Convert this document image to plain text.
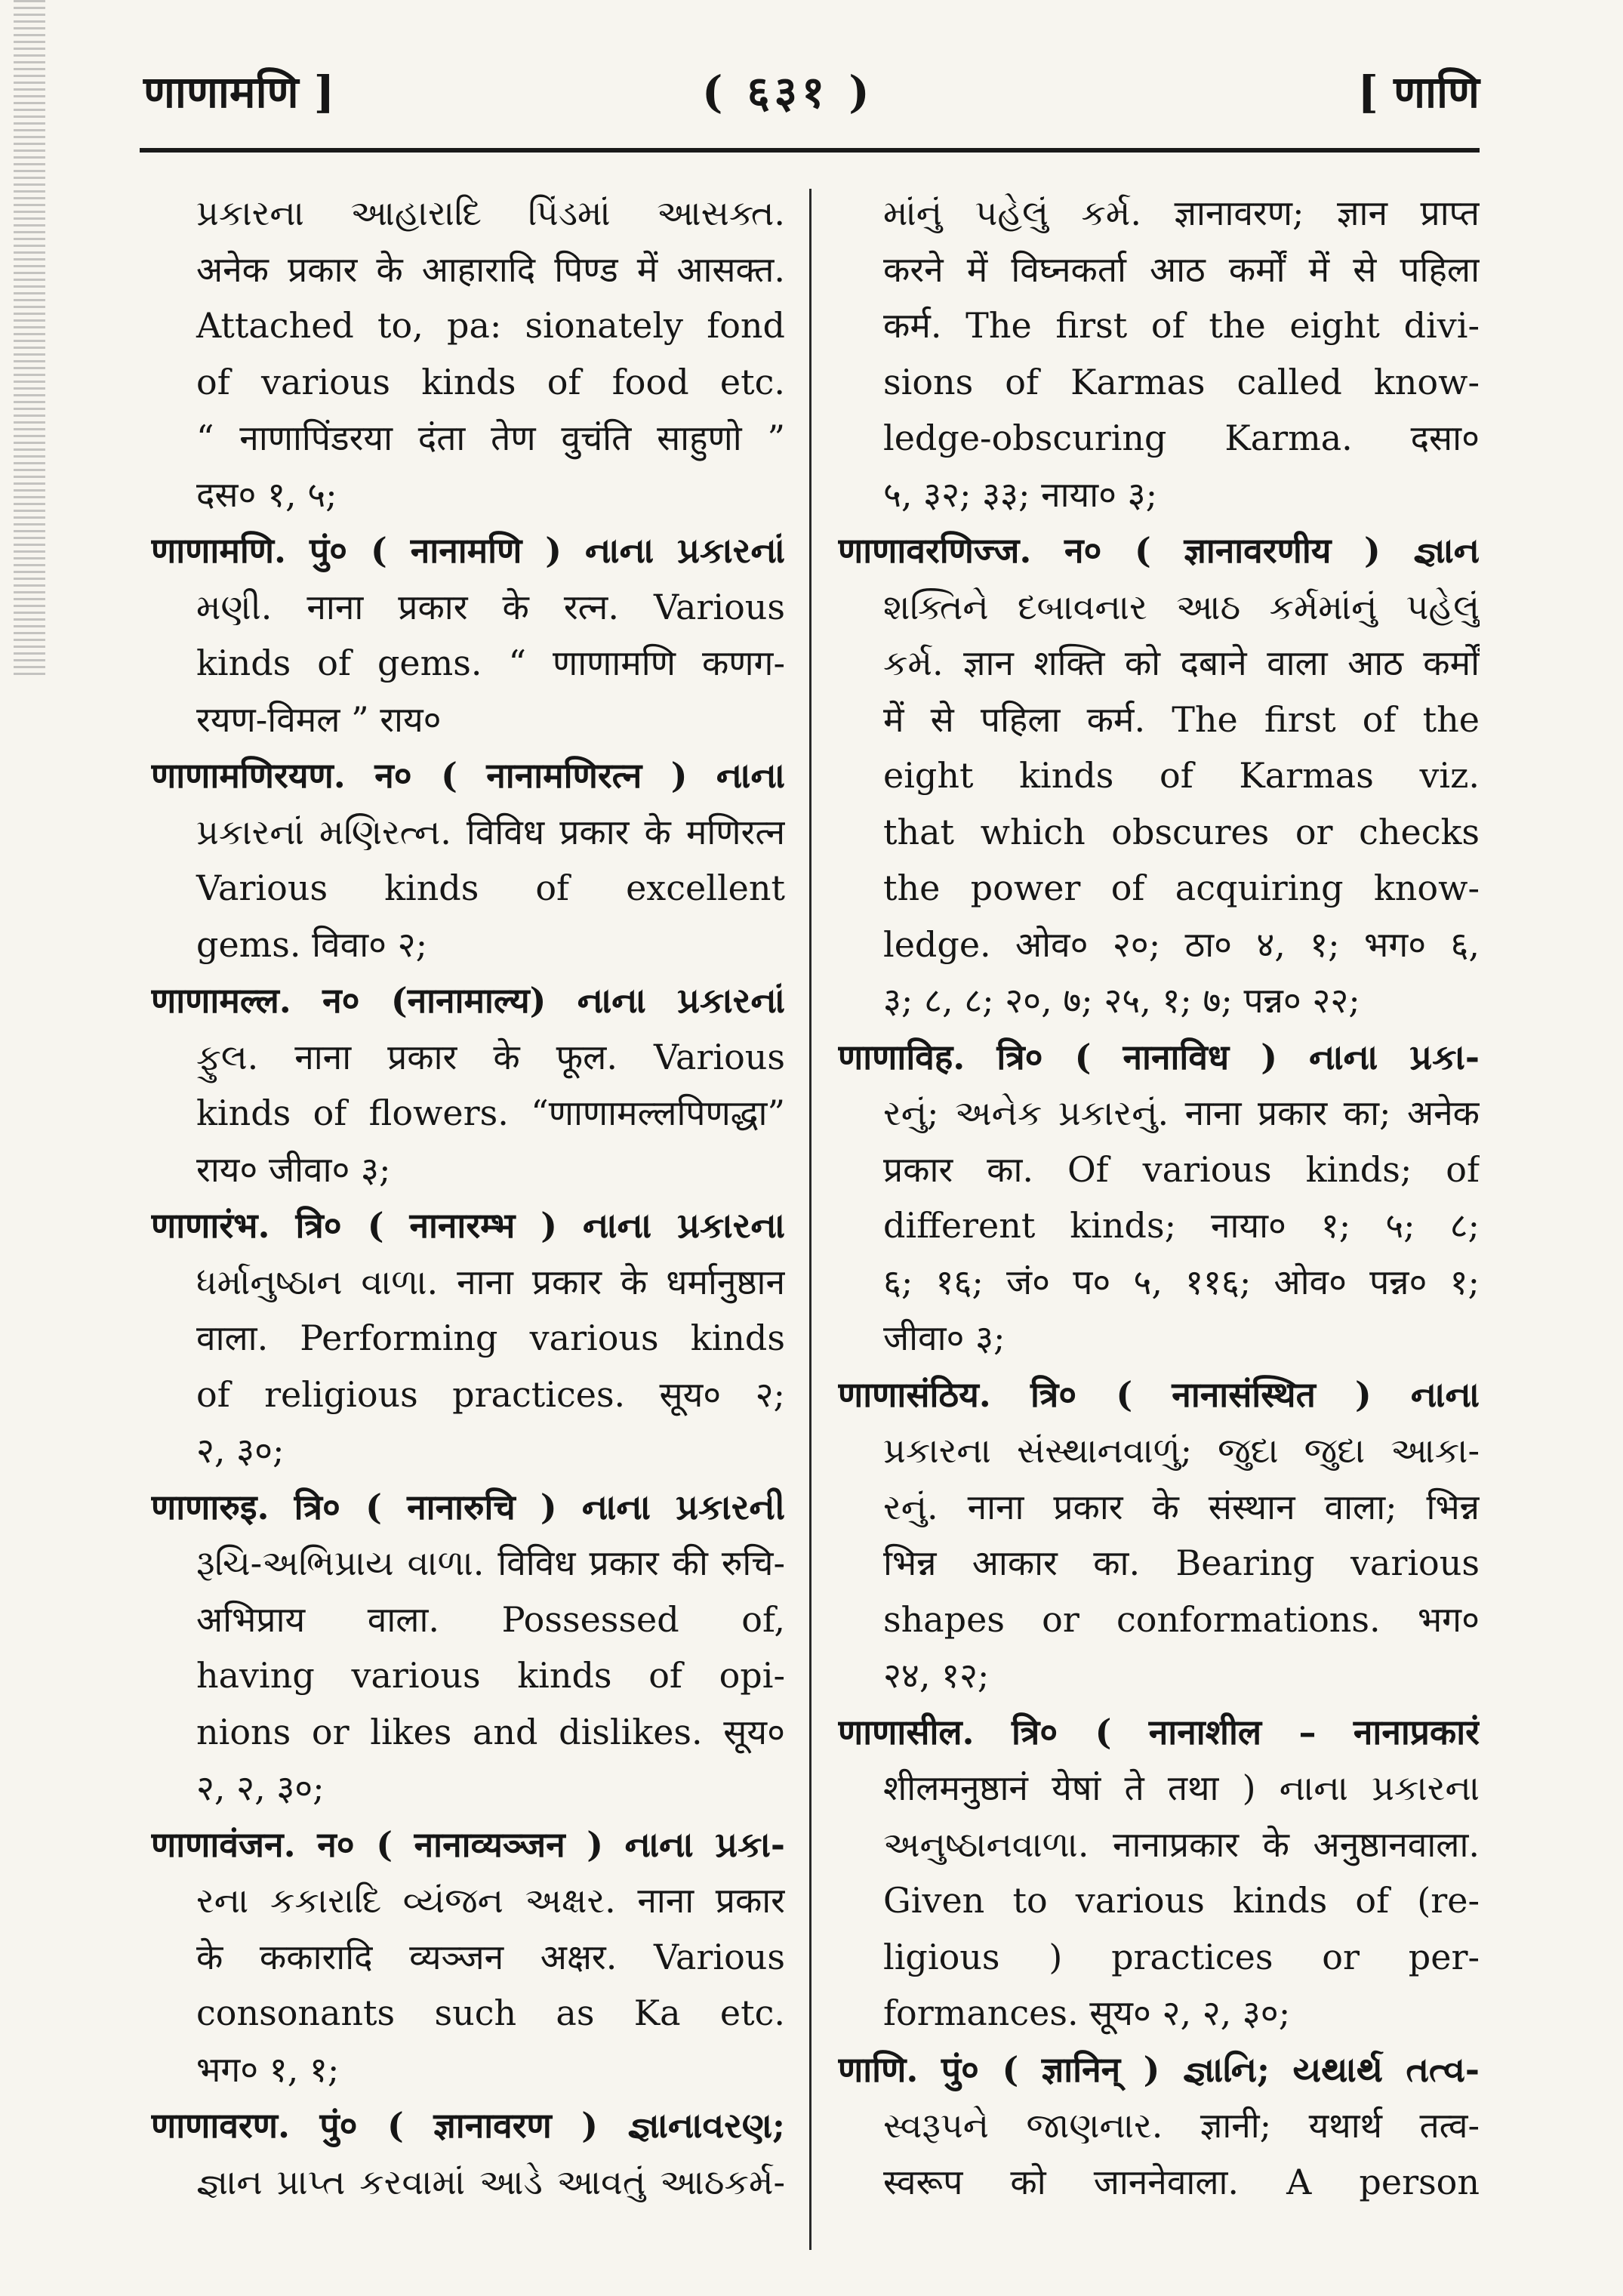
णाणामणि ]	( ६३१ )	[ णाणि
પ્રકારના આહારાદિ પિંડમાં આસક્ત.
अनेक प्रकार के आहारादि पिण्ड में आसक्त.
Attached to, pa: sionately fond
of various kinds of food etc.
“ नाणापिंडरया दंता तेण वुचंति साहुणो ”
दस० १, ५;
णाणामणि. पुं० ( नानामणि ) નાના પ્રકારનાં
મણી. नाना प्रकार के रत्न. Various
kinds of gems. “ णाणामणि कणग-
रयण-विमल ” राय०
णाणामणिरयण. न० ( नानामणिरत्न ) નાના
પ્રકારનાં મણિરત્ન. विविध प्रकार के मणिरत्न
Various kinds of excellent
gems. विवा० २;
णाणामल्ल. न० (नानामाल्य) નાના પ્રકારનાં
ફુલ. नाना प्रकार के फूल. Various
kinds of flowers. “णाणामल्लपिणद्धा”
राय० जीवा० ३;
णाणारंभ. त्रि० ( नानारम्भ ) નાના પ્રકારના
ધર્માનુષ્ઠાન વાળા. नाना प्रकार के धर्मानुष्ठान
वाला. Performing various kinds
of religious practices. सूय० २;
२, ३०;
णाणारुइ. त्रि० ( नानारुचि ) નાના પ્રકારની
રૂચિ-અભિપ્રાય વાળા. विविध प्रकार की रुचि-
अभिप्राय वाला. Possessed of,
having various kinds of opi-
nions or likes and dislikes. सूय०
२, २, ३०;
णाणावंजन. न० ( नानाव्यञ्जन ) નાના પ્રકા-
રના કકારાદિ વ્યંજન અક્ષર. नाना प्रकार
के ककारादि व्यञ्जन अक्षर. Various
consonants such as Ka etc.
भग० १, १;
णाणावरण. पुं० ( ज्ञानावरण ) જ્ઞાનાવરણ;
જ્ઞાન પ્રાપ્ત કરવામાં આડે આવતું આઠકર્મ-
માંનું પહેલું કર્મ. ज्ञानावरण; ज्ञान प्राप्त
करने में विघ्नकर्ता आठ कर्मों में से पहिला
कर्म. The first of the eight divi-
sions of Karmas called know-
ledge-obscuring Karma. दसा०
५, ३२; ३३; नाया० ३;
णाणावरणिज्ज. न० ( ज्ञानावरणीय ) જ્ઞાન
શક્તિને દબાવનાર આઠ કર્મમાંનું પહેલું
કર્મ. ज्ञान शक्ति को दबाने वाला आठ कर्मों
में से पहिला कर्म. The first of the
eight kinds of Karmas viz.
that which obscures or checks
the power of acquiring know-
ledge. ओव० २०; ठा० ४, १; भग० ६,
३; ८, ८; २०, ७; २५, १; ७; पन्न० २२;
णाणाविह. त्रि० ( नानाविध ) નાના પ્રકા-
રનું; અનેક પ્રકારનું. नाना प्रकार का; अनेक
प्रकार का. Of various kinds; of
different kinds; नाया० १; ५; ८;
६; १६; जं० प० ५, ११६; ओव० पन्न० १;
जीवा० ३;
णाणासंठिय. त्रि० ( नानासंस्थित ) નાના
પ્રકારના સંસ્થાનવાળું; જુદા જુદા આકા-
રનું. नाना प्रकार के संस्थान वाला; भिन्न
भिन्न आकार का. Bearing various
shapes or conformations. भग०
२४, १२;
णाणासील. त्रि० ( नानाशील – नानाप्रकारं
शीलमनुष्ठानं येषां ते तथा ) નાના પ્રકારના
અનુષ્ઠાનવાળા. नानाप्रकार के अनुष्ठानवाला.
Given to various kinds of (re-
ligious ) practices or per-
formances. सूय० २, २, ३०;
णाणि. पुं० ( ज्ञानिन् ) જ્ઞાનિ; યથાર્થ તત્વ-
સ્વરૂપને જાણનાર. ज्ञानी; यथार्थ तत्व-
स्वरूप को जाननेवाला. A person
